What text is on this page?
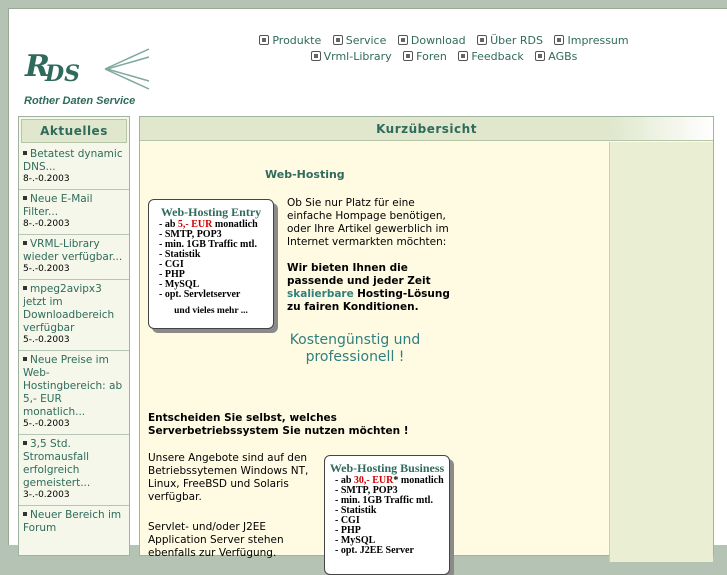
R
DS
Rother Daten Service
Produkte Service Download Über RDS Impressum
Vrml-Library Foren Feedback AGBs
Aktuelles
Betatest dynamic DNS...
8-.-0.2003
Neue E-Mail Filter...
8-.-0.2003
VRML-Library wieder verfügbar...
5-.-0.2003
mpeg2avipx3 jetzt im Downloadbereich verfügbar
5-.-0.2003
Neue Preise im Web-Hostingbereich: ab 5,- EUR monatlich...
5-.-0.2003
3,5 Std. Stromausfall erfolgreich gemeistert...
3-.-0.2003
Neuer Bereich im Forum
Kurzübersicht
Web-Hosting
Web-Hosting Entry
- ab 5,- EUR monatlich
- SMTP, POP3
- min. 1GB Traffic mtl.
- Statistik
- CGI
- PHP
- MySQL
- opt. Servletserver
und vieles mehr ...
Ob Sie nur Platz für eine einfache Hompage benötigen, oder Ihre Artikel gewerblich im Internet vermarkten möchten:

Wir bieten Ihnen die passende und jeder Zeit skalierbare Hosting-Lösung zu fairen Konditionen.
Kostengünstig und professionell !
Entscheiden Sie selbst, welches Serverbetriebssystem Sie nutzen möchten !
Unsere Angebote sind auf den Betriebssytemen Windows NT, Linux, FreeBSD und Solaris verfügbar.
Servlet- und/oder J2EE Application Server stehen ebenfalls zur Verfügung.
Web-Hosting Business
- ab 30,- EUR* monatlich
- SMTP, POP3
- min. 1GB Traffic mtl.
- Statistik
- CGI
- PHP
- MySQL
- opt. J2EE Server
